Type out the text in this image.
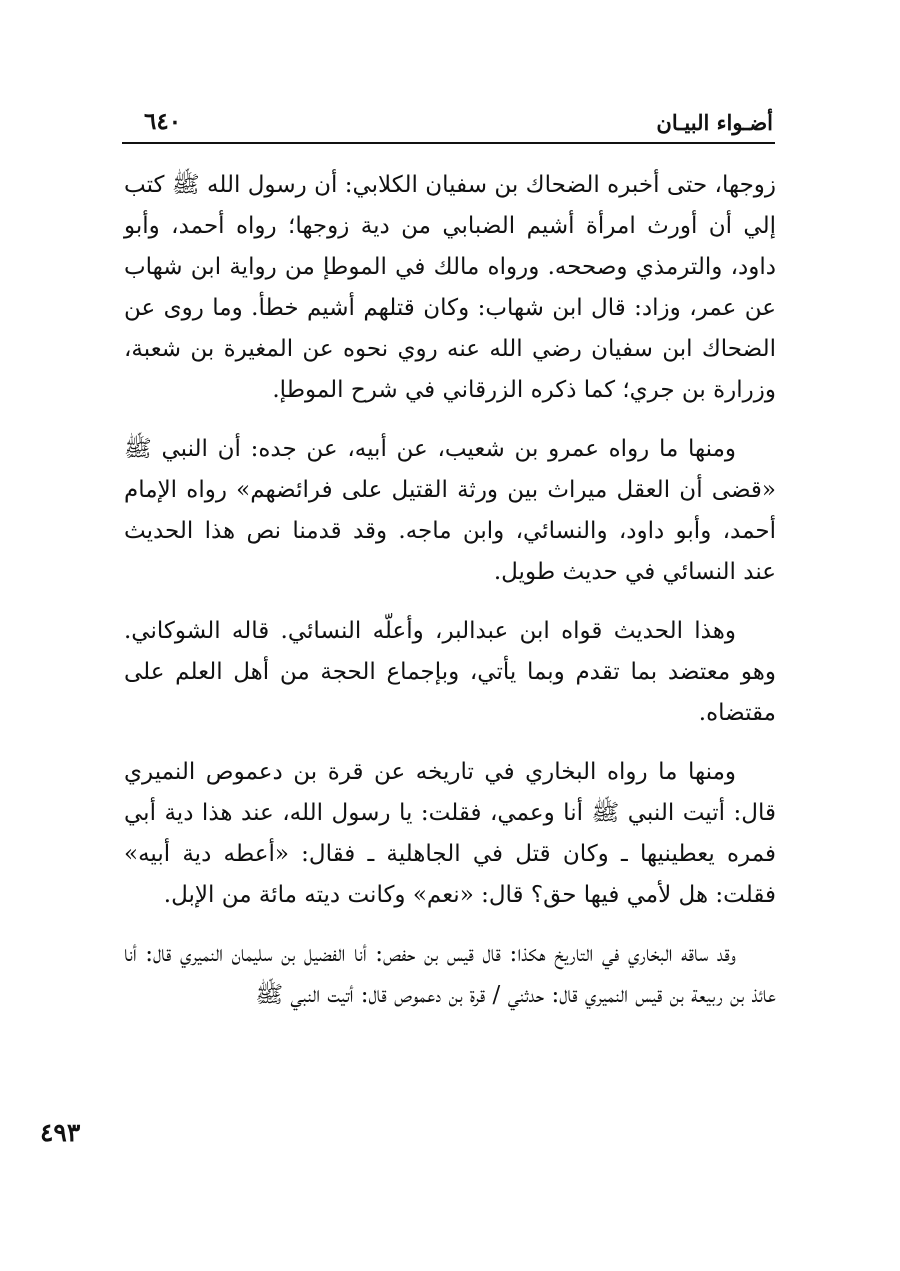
أضـواء البيـان
٦٤٠

زوجها، حتى أخبره الضحاك بن سفيان الكلابي: أن رسول الله ﷺ كتب إلي أن أورث امرأة أشيم الضبابي من دية زوجها؛ رواه أحمد، وأبو داود، والترمذي وصححه. ورواه مالك في الموطإ من رواية ابن شهاب عن عمر، وزاد: قال ابن شهاب: وكان قتلهم أشيم خطأ. وما روى عن الضحاك ابن سفيان رضي الله عنه روي نحوه عن المغيرة بن شعبة، وزرارة بن جري؛ كما ذكره الزرقاني في شرح الموطإ.

ومنها ما رواه عمرو بن شعيب، عن أبيه، عن جده: أن النبي ﷺ «قضى أن العقل ميراث بين ورثة القتيل على فرائضهم» رواه الإمام أحمد، وأبو داود، والنسائي، وابن ماجه. وقد قدمنا نص هذا الحديث عند النسائي في حديث طويل.

وهذا الحديث قواه ابن عبدالبر، وأعلّه النسائي. قاله الشوكاني. وهو معتضد بما تقدم وبما يأتي، وبإجماع الحجة من أهل العلم على مقتضاه.

ومنها ما رواه البخاري في تاريخه عن قرة بن دعموص النميري قال: أتيت النبي ﷺ أنا وعمي، فقلت: يا رسول الله، عند هذا دية أبي فمره يعطينيها ـ وكان قتل في الجاهلية ـ فقال: «أعطه دية أبيه» فقلت: هل لأمي فيها حق؟ قال: «نعم» وكانت ديته مائة من الإبل.

وقد ساقه البخاري في التاريخ هكذا: قال قيس بن حفص: أنا الفضيل بن سليمان النميري قال: أنا عائذ بن ربيعة بن قيس النميري قال: حدثني / قرة بن دعموص قال: أتيت النبي ﷺ

٤٩٣
